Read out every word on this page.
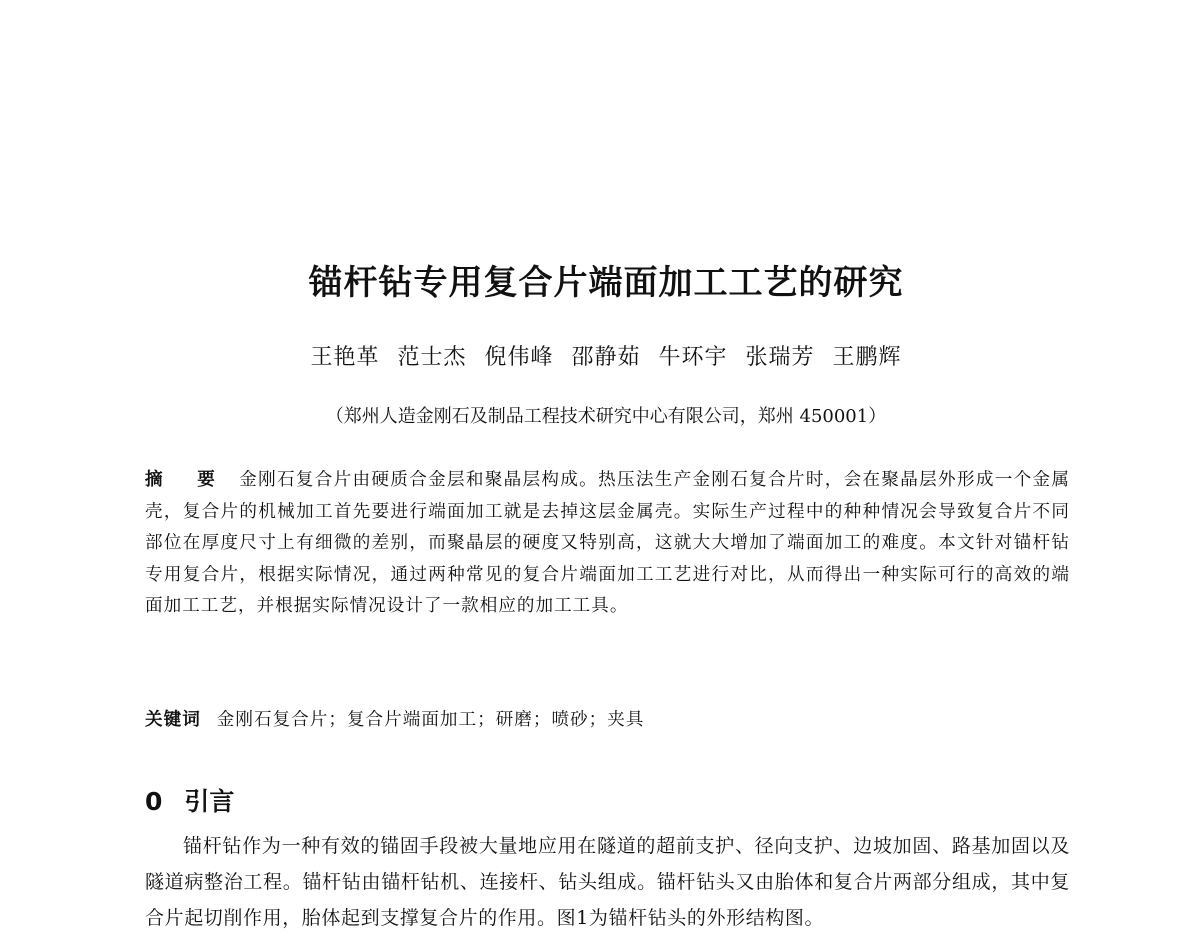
锚杆钻专用复合片端面加工工艺的研究
王艳革 范士杰 倪伟峰 邵静茹 牛环宇 张瑞芳 王鹏辉
（郑州人造金刚石及制品工程技术研究中心有限公司，郑州 450001）
摘 要 金刚石复合片由硬质合金层和聚晶层构成。热压法生产金刚石复合片时，会在聚晶层外形成一个金属壳，复合片的机械加工首先要进行端面加工就是去掉这层金属壳。实际生产过程中的种种情况会导致复合片不同部位在厚度尺寸上有细微的差别，而聚晶层的硬度又特别高，这就大大增加了端面加工的难度。本文针对锚杆钻专用复合片，根据实际情况，通过两种常见的复合片端面加工工艺进行对比，从而得出一种实际可行的高效的端面加工工艺，并根据实际情况设计了一款相应的加工工具。
关键词 金刚石复合片；复合片端面加工；研磨；喷砂；夹具
0 引言
锚杆钻作为一种有效的锚固手段被大量地应用在隧道的超前支护、径向支护、边坡加固、路基加固以及隧道病整治工程。锚杆钻由锚杆钻机、连接杆、钻头组成。锚杆钻头又由胎体和复合片两部分组成，其中复合片起切削作用，胎体起到支撑复合片的作用。图1为锚杆钻头的外形结构图。
